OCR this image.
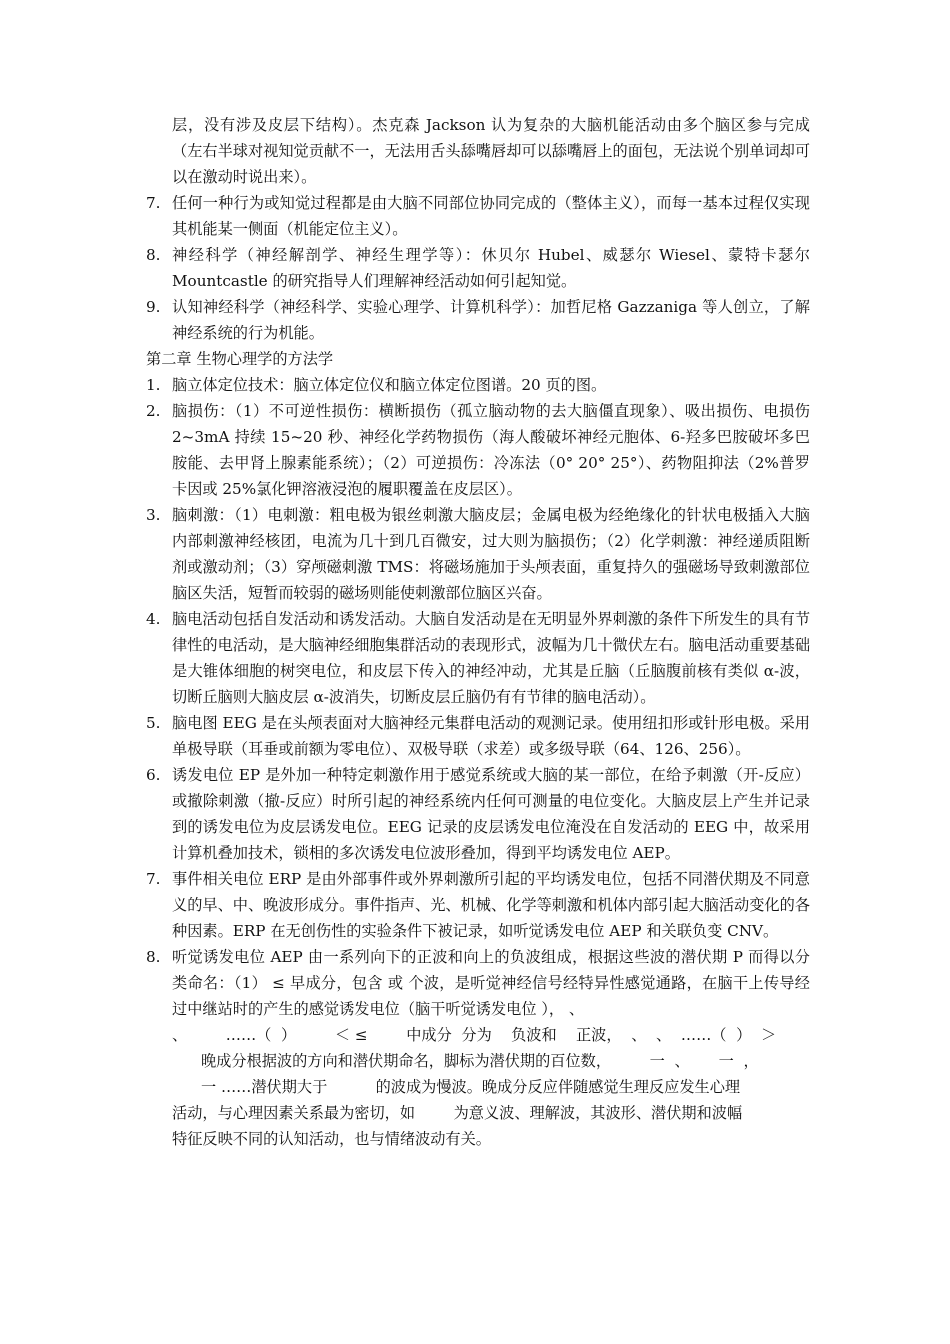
层，没有涉及皮层下结构）。杰克森 Jackson 认为复杂的大脑机能活动由多个脑区参与完成（左右半球对视知觉贡献不一，无法用舌头舔嘴唇却可以舔嘴唇上的面包，无法说个别单词却可以在激动时说出来）。

7. 任何一种行为或知觉过程都是由大脑不同部位协同完成的（整体主义），而每一基本过程仅实现其机能某一侧面（机能定位主义）。

8. 神经科学（神经解剖学、神经生理学等）：休贝尔 Hubel、威瑟尔 Wiesel、蒙特卡瑟尔 Mountcastle 的研究指导人们理解神经活动如何引起知觉。

9. 认知神经科学（神经科学、实验心理学、计算机科学）：加哲尼格 Gazzaniga 等人创立，了解神经系统的行为机能。

第二章 生物心理学的方法学

1. 脑立体定位技术：脑立体定位仪和脑立体定位图谱。20 页的图。

2. 脑损伤：（1）不可逆性损伤：横断损伤（孤立脑动物的去大脑僵直现象）、吸出损伤、电损伤 2~3mA 持续 15~20 秒、神经化学药物损伤（海人酸破坏神经元胞体、6-羟多巴胺破坏多巴胺能、去甲肾上腺素能系统）；（2）可逆损伤：冷冻法（0° 20° 25°）、药物阻抑法（2%普罗卡因或 25%氯化钾溶液浸泡的履职覆盖在皮层区）。

3. 脑刺激：（1）电刺激：粗电极为银丝刺激大脑皮层；金属电极为经绝缘化的针状电极插入大脑内部刺激神经核团，电流为几十到几百微安，过大则为脑损伤；（2）化学刺激：神经递质阻断剂或激动剂；（3）穿颅磁刺激 TMS：将磁场施加于头颅表面，重复持久的强磁场导致刺激部位脑区失活，短暂而较弱的磁场则能使刺激部位脑区兴奋。

4. 脑电活动包括自发活动和诱发活动。大脑自发活动是在无明显外界刺激的条件下所发生的具有节律性的电活动，是大脑神经细胞集群活动的表现形式，波幅为几十微伏左右。脑电活动重要基础是大锥体细胞的树突电位，和皮层下传入的神经冲动，尤其是丘脑（丘脑腹前核有类似 α-波，切断丘脑则大脑皮层 α-波消失，切断皮层丘脑仍有有节律的脑电活动）。

5. 脑电图 EEG 是在头颅表面对大脑神经元集群电活动的观测记录。使用纽扣形或针形电极。采用单极导联（耳垂或前额为零电位）、双极导联（求差）或多级导联（64、126、256）。

6. 诱发电位 EP 是外加一种特定刺激作用于感觉系统或大脑的某一部位，在给予刺激（开-反应）或撤除刺激（撤-反应）时所引起的神经系统内任何可测量的电位变化。大脑皮层上产生并记录到的诱发电位为皮层诱发电位。EEG 记录的皮层诱发电位淹没在自发活动的 EEG 中，故采用计算机叠加技术，锁相的多次诱发电位波形叠加，得到平均诱发电位 AEP。

7. 事件相关电位 ERP 是由外部事件或外界刺激所引起的平均诱发电位，包括不同潜伏期及不同意义的早、中、晚波形成分。事件指声、光、机械、化学等刺激和机体内部引起大脑活动变化的各种因素。ERP 在无创伤性的实验条件下被记录，如听觉诱发电位 AEP 和关联负变 CNV。

8. 听觉诱发电位 AEP 由一系列向下的正波和向上的负波组成，根据这些波的潜伏期 P 而得以分类命名：（1） ≤ 早成分，包含 或 个波，是听觉神经信号经特异性感觉通路，在脑干上传导经过中继站时的产生的感觉诱发电位（脑干听觉诱发电位 ）， 、

、        ……（  ）        ＜ ≤        中成分  分为    负波和    正波，  、  、  ……（  ）  ＞

晚成分根据波的方向和潜伏期命名，脚标为潜伏期的百位数，        一  、      一  ，

一 ……潜伏期大于          的波成为慢波。晚成分反应伴随感觉生理反应发生心理

活动，与心理因素关系最为密切，如        为意义波、理解波，其波形、潜伏期和波幅

特征反映不同的认知活动，也与情绪波动有关。
